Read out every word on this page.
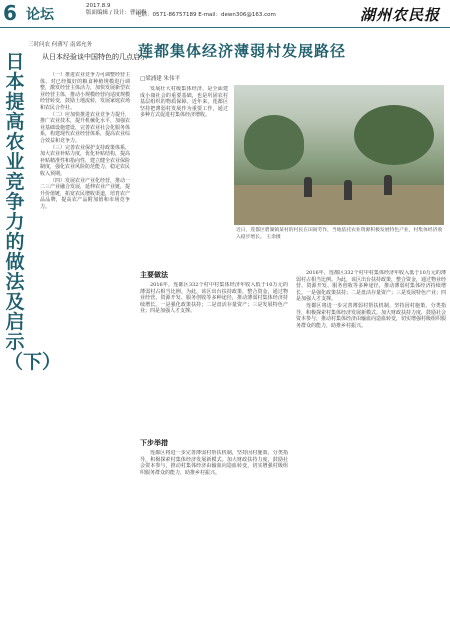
6 论坛
2017.8.9
版面编辑 / 设计：曹国梅
电话：0571-86757189 E-mail：dewn306@163.com	湖州农民报
三时问农 何薄写 南郊允务
日本提高农业竞争力的做法及启示（下）
从日本经验谈中国特色的几点启示

（一）推进农业竞争力可调整经营主体，对已经做好的粮食种植规模进行调整，激发经营主体活力，加快发展新型农业经营主体，推动小规模经营向适度规模经营转变，鼓励土地流转，发展家庭农场和农民合作社。

（二）应加快推进农业竞争力提升，推广农业技术，提升机械化水平，加强农业基础设施建设，完善农业社会化服务体系，构建现代农业经营体系，提高农业综合效益和竞争力。

（三）完善农业保护支持政策体系，加大农业补贴力度，优化补贴结构，提高补贴精准性和指向性，建立健全农业保险制度，强化农业风险防范能力，稳定农民收入预期。

（四）发展农业产业化经营，推动一二三产业融合发展，延伸农业产业链，提升价值链，拓宽农民增收渠道，培育农产品品牌，提高农产品附加值和市场竞争力。

莲都集体经济薄弱村发展路径
□梁浦建 朱伟平

发展壮大村级集体经济，是全面建成小康社会的重要基础，也是巩固农村基层组织的物质保障。近年来，莲都区坚持把薄弱村发展作为重要工作，通过多种方式促进村集体经济增收。

近日，莲都区碧湖镇某村的村民在田间劳作，当地依托农业资源积极发展特色产业，村集体经济收入稳步增长。 王余摄
主要做法

2016年，莲都区332个村中村集体经济年收入低于10万元的薄弱村占相当比例。为此，该区出台扶持政策，整合资金，通过物业经营、资源开发、服务创收等多种途径，推动薄弱村集体经济持续增长。一是强化政策扶持；二是盘活存量资产；三是发展特色产业；四是加强人才支撑。

下步举措

莲都区将进一步完善薄弱村帮扶机制，坚持因村施策、分类指导，积极探索村集体经济发展新模式。加大财政扶持力度，鼓励社会资本参与，推动村集体经济由输血向造血转变，切实增强村级组织服务群众的能力，助推乡村振兴。

2016年，莲都区332个村中村集体经济年收入低于10万元的薄弱村占相当比例。为此，该区出台扶持政策，整合资金，通过物业经营、资源开发、服务创收等多种途径，推动薄弱村集体经济持续增长。一是强化政策扶持；二是盘活存量资产；三是发展特色产业；四是加强人才支撑。

莲都区将进一步完善薄弱村帮扶机制，坚持因村施策、分类指导，积极探索村集体经济发展新模式。加大财政扶持力度，鼓励社会资本参与，推动村集体经济由输血向造血转变，切实增强村级组织服务群众的能力，助推乡村振兴。
